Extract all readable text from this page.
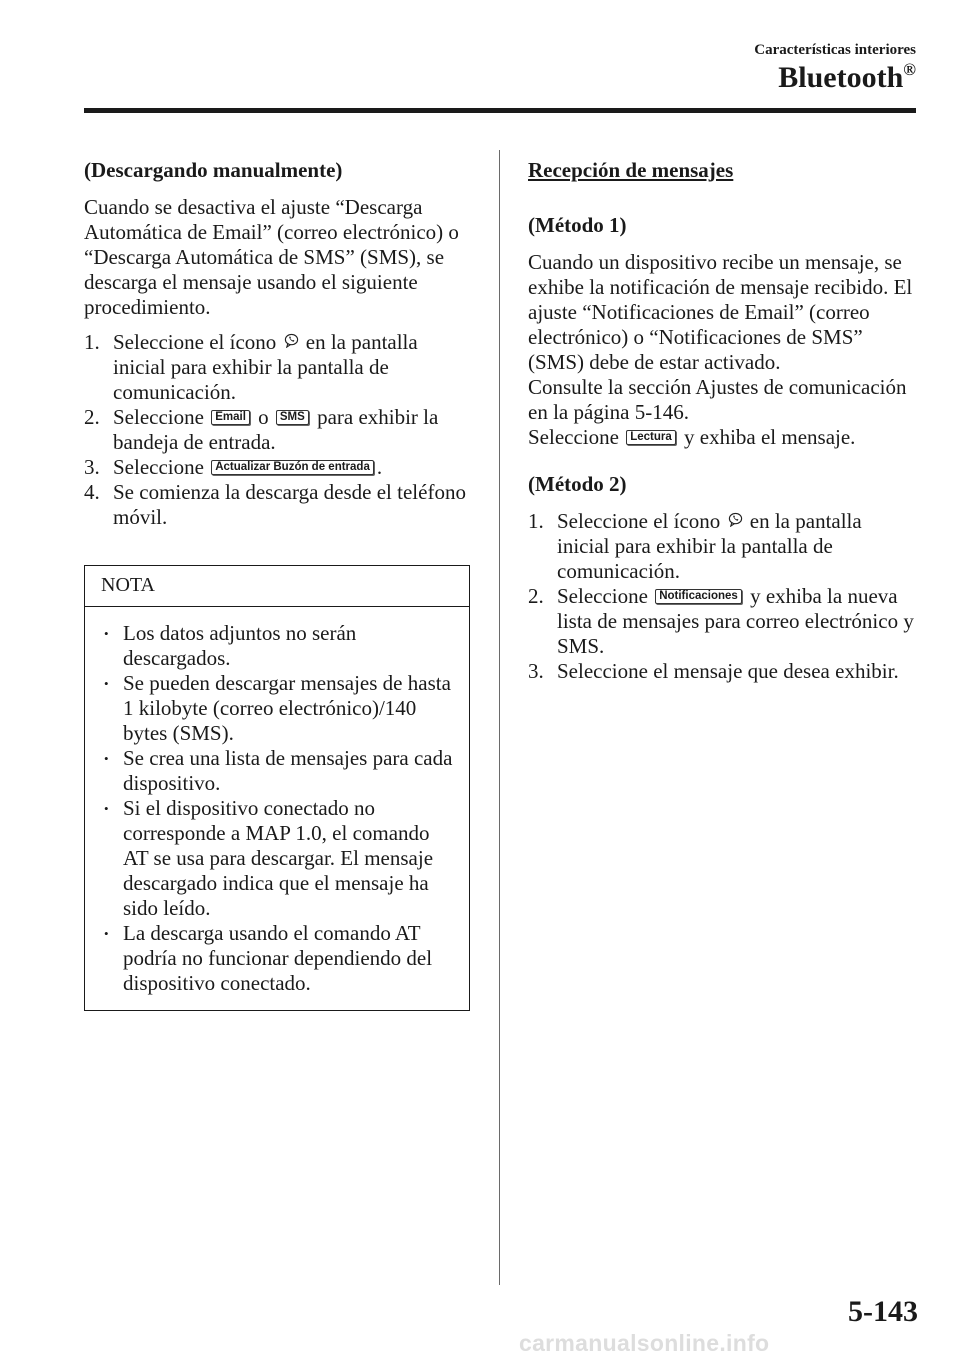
Características interiores
Bluetooth®
(Descargando manualmente)

Cuando se desactiva el ajuste “Descarga Automática de Email” (correo electrónico) o “Descarga Automática de SMS” (SMS), se descarga el mensaje usando el siguiente procedimiento.

1. Seleccione el ícono en la pantalla inicial para exhibir la pantalla de comunicación.
2. Seleccione Email o SMS para exhibir la bandeja de entrada.
3. Seleccione Actualizar Buzón de entrada .
4. Se comienza la descarga desde el teléfono móvil.
NOTA
• Los datos adjuntos no serán descargados.
• Se pueden descargar mensajes de hasta 1 kilobyte (correo electrónico)/140 bytes (SMS).
• Se crea una lista de mensajes para cada dispositivo.
• Si el dispositivo conectado no corresponde a MAP 1.0, el comando AT se usa para descargar. El mensaje descargado indica que el mensaje ha sido leído.
• La descarga usando el comando AT podría no funcionar dependiendo del dispositivo conectado.
Recepción de mensajes
(Método 1)

Cuando un dispositivo recibe un mensaje, se exhibe la notificación de mensaje recibido. El ajuste “Notificaciones de Email” (correo electrónico) o “Notificaciones de SMS” (SMS) debe de estar activado.

Consulte la sección Ajustes de comunicación en la página 5-146.

Seleccione Lectura y exhiba el mensaje.

(Método 2)
1. Seleccione el ícono en la pantalla inicial para exhibir la pantalla de comunicación.
2. Seleccione Notificaciones y exhiba la nueva lista de mensajes para correo electrónico y SMS.
3. Seleccione el mensaje que desea exhibir.
5-143
carmanualsonline.info
